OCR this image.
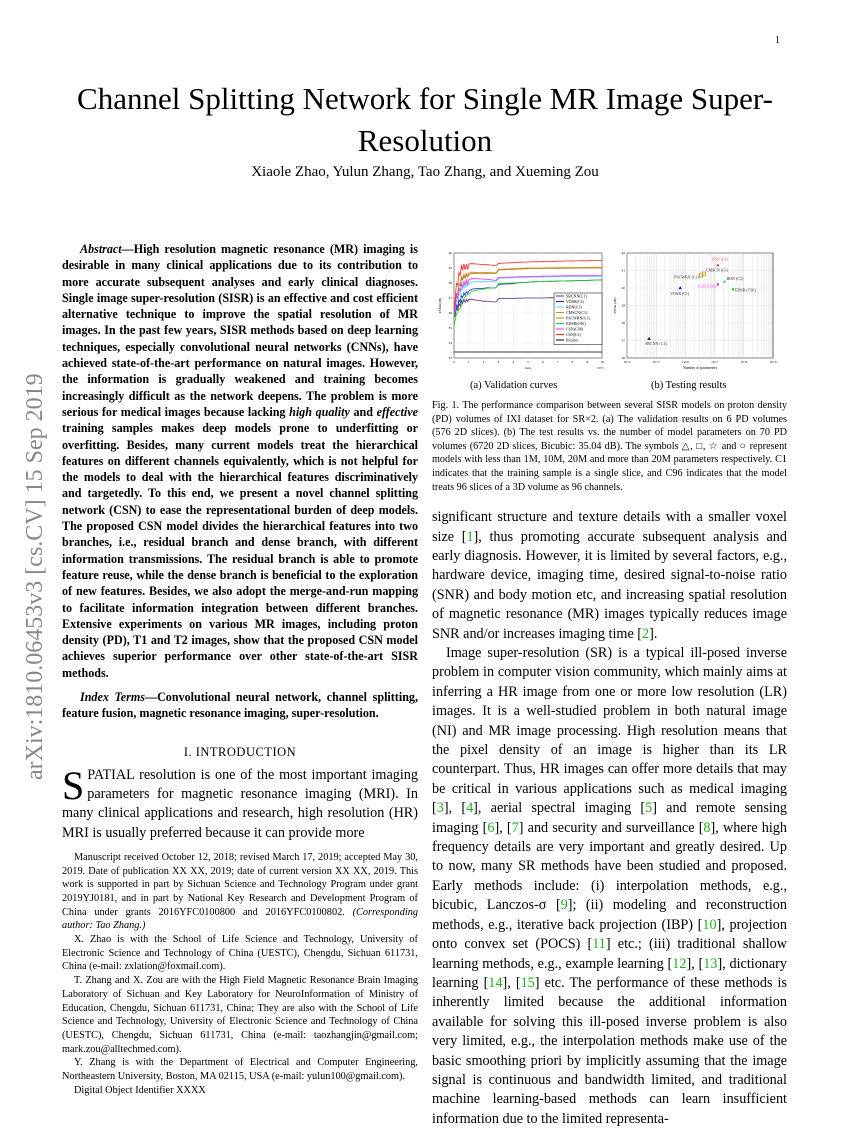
1
Channel Splitting Network for Single MR Image Super-Resolution
Xiaole Zhao, Yulun Zhang, Tao Zhang, and Xueming Zou
arXiv:1810.06453v3 [cs.CV] 15 Sep 2019
Abstract—High resolution magnetic resonance (MR) imaging is desirable in many clinical applications due to its contribution to more accurate subsequent analyses and early clinical diagnoses. Single image super-resolution (SISR) is an effective and cost efficient alternative technique to improve the spatial resolution of MR images. In the past few years, SISR methods based on deep learning techniques, especially convolutional neural networks (CNNs), have achieved state-of-the-art performance on natural images. However, the information is gradually weakened and training becomes increasingly difficult as the network deepens. The problem is more serious for medical images because lacking high quality and effective training samples makes deep models prone to underfitting or overfitting. Besides, many current models treat the hierarchical features on different channels equivalently, which is not helpful for the models to deal with the hierarchical features discriminatively and targetedly. To this end, we present a novel channel splitting network (CSN) to ease the representational burden of deep models. The proposed CSN model divides the hierarchical features into two branches, i.e., residual branch and dense branch, with different information transmissions. The residual branch is able to promote feature reuse, while the dense branch is beneficial to the exploration of new features. Besides, we also adopt the merge-and-run mapping to facilitate information integration between different branches. Extensive experiments on various MR images, including proton density (PD), T1 and T2 images, show that the proposed CSN model achieves superior performance over other state-of-the-art SISR methods.
Index Terms—Convolutional neural network, channel splitting, feature fusion, magnetic resonance imaging, super-resolution.
I. INTRODUCTION
SPATIAL resolution is one of the most important imaging parameters for magnetic resonance imaging (MRI). In many clinical applications and research, high resolution (HR) MRI is usually preferred because it can provide more

Manuscript received October 12, 2018; revised March 17, 2019; accepted May 30, 2019. Date of publication XX XX, 2019; date of current version XX XX, 2019. This work is supported in part by Sichuan Science and Technology Program under grant 2019YJ0181, and in part by National Key Research and Development Program of China under grants 2016YFC0100800 and 2016YFC0100802. (Corresponding author: Tao Zhang.)

X. Zhao is with the School of Life Science and Technology, University of Electronic Science and Technology of China (UESTC), Chengdu, Sichuan 611731, China (e-mail: zxlation@foxmail.com).

T. Zhang and X. Zou are with the High Field Magnetic Resonance Brain Imaging Laboratory of Sichuan and Key Laboratory for NeuroInformation of Ministry of Education, Chengdu, Sichuan 611731, China; They are also with the School of Life Science and Technology, University of Electronic Science and Technology of China (UESTC), Chengdu, Sichuan 611731, China (e-mail: taozhangjin@gmail.com; mark.zou@alltechmed.com).

Y. Zhang is with the Department of Electrical and Computer Engineering, Northeastern University, Boston, MA 02115, USA (e-mail: yulun100@gmail.com).

Digital Object Identifier XXXX

0	1	2	3	4	5	6	7	8	9	10
33
34
35
36
37
38
39
40
iters	×10^5
PSNR(dB)
SRCNN(C1)
VDSR(C1)
RDN(C1)
CMSCN(C1)
PSCWRN(C1)
EDSR(C96)
CSN(C96)
CSN(C1)
Bicubic
10^4	10^5	10^6	10^7	10^8	10^9
36
37
38
39
40
41
42
Number of parameters
PSNR (dB)
SRCNN (C1)
VDSR (C1)
PSCWRN (C1)
CMSCN (C1)
★
CSN (C1)
RDN (C1)
★
CSN (C96)
EDSR (C96)
(a) Validation curves	(b) Testing results
Fig. 1. The performance comparison between several SISR models on proton density (PD) volumes of IXI dataset for SR×2. (a) The validation results on 6 PD volumes (576 2D slices). (b) The test results vs. the number of model parameters on 70 PD volumes (6720 2D slices, Bicubic: 35.04 dB). The symbols △, □, ☆ and ○ represent models with less than 1M, 10M, 20M and more than 20M parameters respectively. C1 indicates that the training sample is a single slice, and C96 indicates that the model treats 96 slices of a 3D volume as 96 channels.

significant structure and texture details with a smaller voxel size [1], thus promoting accurate subsequent analysis and early diagnosis. However, it is limited by several factors, e.g., hardware device, imaging time, desired signal-to-noise ratio (SNR) and body motion etc, and increasing spatial resolution of magnetic resonance (MR) images typically reduces image SNR and/or increases imaging time [2].

Image super-resolution (SR) is a typical ill-posed inverse problem in computer vision community, which mainly aims at inferring a HR image from one or more low resolution (LR) images. It is a well-studied problem in both natural image (NI) and MR image processing. High resolution means that the pixel density of an image is higher than its LR counterpart. Thus, HR images can offer more details that may be critical in various applications such as medical imaging [3], [4], aerial spectral imaging [5] and remote sensing imaging [6], [7] and security and surveillance [8], where high frequency details are very important and greatly desired. Up to now, many SR methods have been studied and proposed. Early methods include: (i) interpolation methods, e.g., bicubic, Lanczos-σ [9]; (ii) modeling and reconstruction methods, e.g., iterative back projection (IBP) [10], projection onto convex set (POCS) [11] etc.; (iii) traditional shallow learning methods, e.g., example learning [12], [13], dictionary learning [14], [15] etc. The performance of these methods is inherently limited because the additional information available for solving this ill-posed inverse problem is also very limited, e.g., the interpolation methods make use of the basic smoothing priori by implicitly assuming that the image signal is continuous and bandwidth limited, and traditional machine learning-based methods can learn insufficient information due to the limited representa-
